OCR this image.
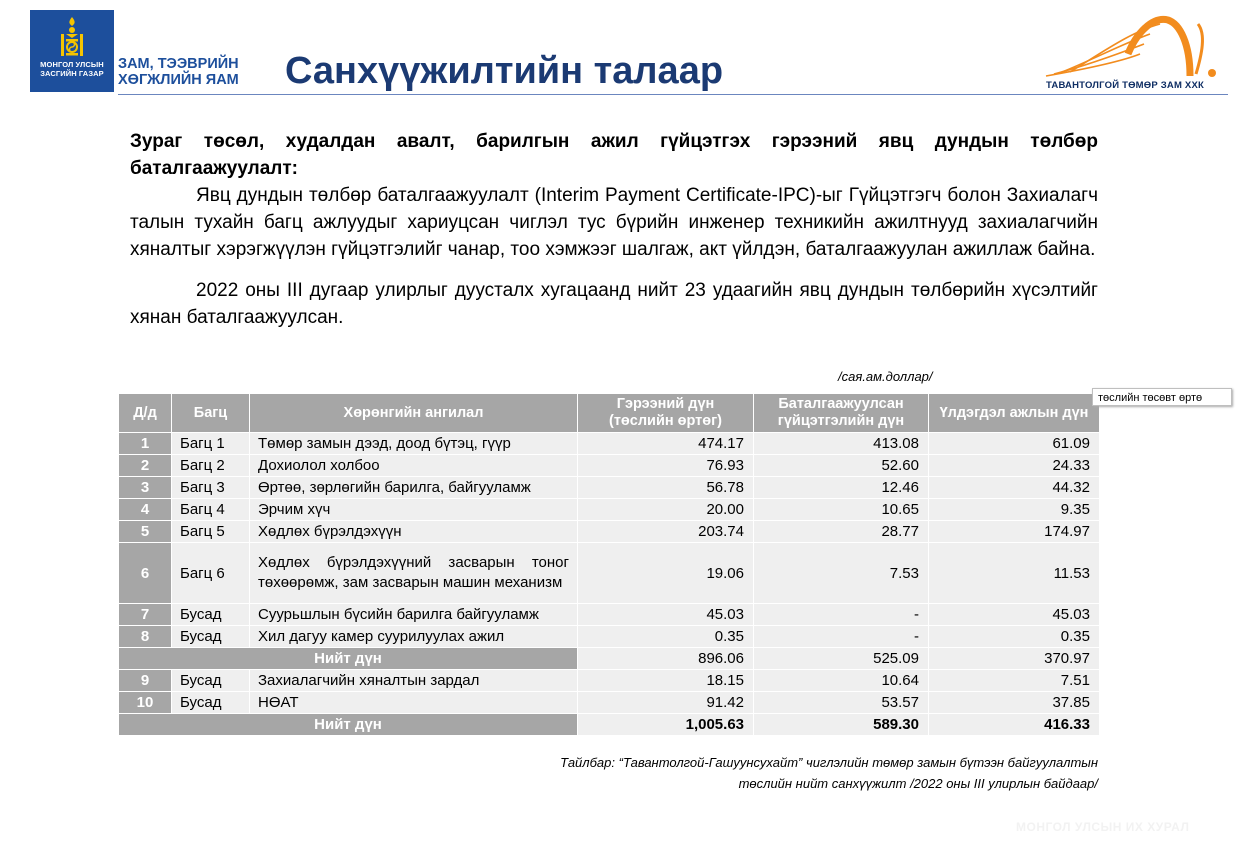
МОНГОЛ УЛСЫН
ЗАСГИЙН ГАЗАР
ЗАМ, ТЭЭВРИЙН
ХӨГЖЛИЙН ЯАМ Санхүүжилтийн талаар	ТАВАНТОЛГОЙ ТӨМӨР ЗАМ ХХК

Зураг төсөл, худалдан авалт, барилгын ажил гүйцэтгэх гэрээний явц дундын төлбөр баталгаажуулалт:

Явц дундын төлбөр баталгаажуулалт (Interim Payment Certificate-IPC)-ыг Гүйцэтгэгч болон Захиалагч талын тухайн багц ажлуудыг хариуцсан чиглэл тус бүрийн инженер техникийн ажилтнууд захиалагчийн хяналтыг хэрэгжүүлэн гүйцэтгэлийг чанар, тоо хэмжээг шалгаж, акт үйлдэн, баталгаажуулан ажиллаж байна.

2022 оны III дугаар улирлыг дуусталх хугацаанд нийт 23 удаагийн явц дундын төлбөрийн хүсэлтийг хянан баталгаажуулсан.

/сая.ам.доллар/
Д/д	Багц	Хөрөнгийн ангилал	Гэрээний дүн (төслийн өртөг)	Баталгаажуулсан гүйцэтгэлийн дүн	Үлдэгдэл ажлын дүн
1	Багц 1	Төмөр замын дээд, доод бүтэц, гүүр	474.17	413.08	61.09
2	Багц 2	Дохиолол холбоо	76.93	52.60	24.33
3	Багц 3	Өртөө, зөрлөгийн барилга, байгууламж	56.78	12.46	44.32
4	Багц 4	Эрчим хүч	20.00	10.65	9.35
5	Багц 5	Хөдлөх бүрэлдэхүүн	203.74	28.77	174.97
6	Багц 6	Хөдлөх бүрэлдэхүүний засварын тоног төхөөрөмж, зам засварын машин механизм	19.06	7.53	11.53
7	Бусад	Суурьшлын бүсийн барилга байгууламж	45.03	-	45.03
8	Бусад	Хил дагуу камер суурилуулах ажил	0.35	-	0.35
Нийт дүн			896.06	525.09	370.97
9	Бусад	Захиалагчийн хяналтын зардал	18.15	10.64	7.51
10	Бусад	НӨАТ	91.42	53.57	37.85
Нийт дүн			1,005.63	589.30	416.33
төслийн төсөвт өртө

Тайлбар: “Тавантолгой-Гашуунсухайт” чиглэлийн төмөр замын бүтээн байгуулалтын төслийн нийт санхүүжилт /2022 оны III улирлын байдаар/

МОНГОЛ УЛСЫН ИХ ХУРАЛ
